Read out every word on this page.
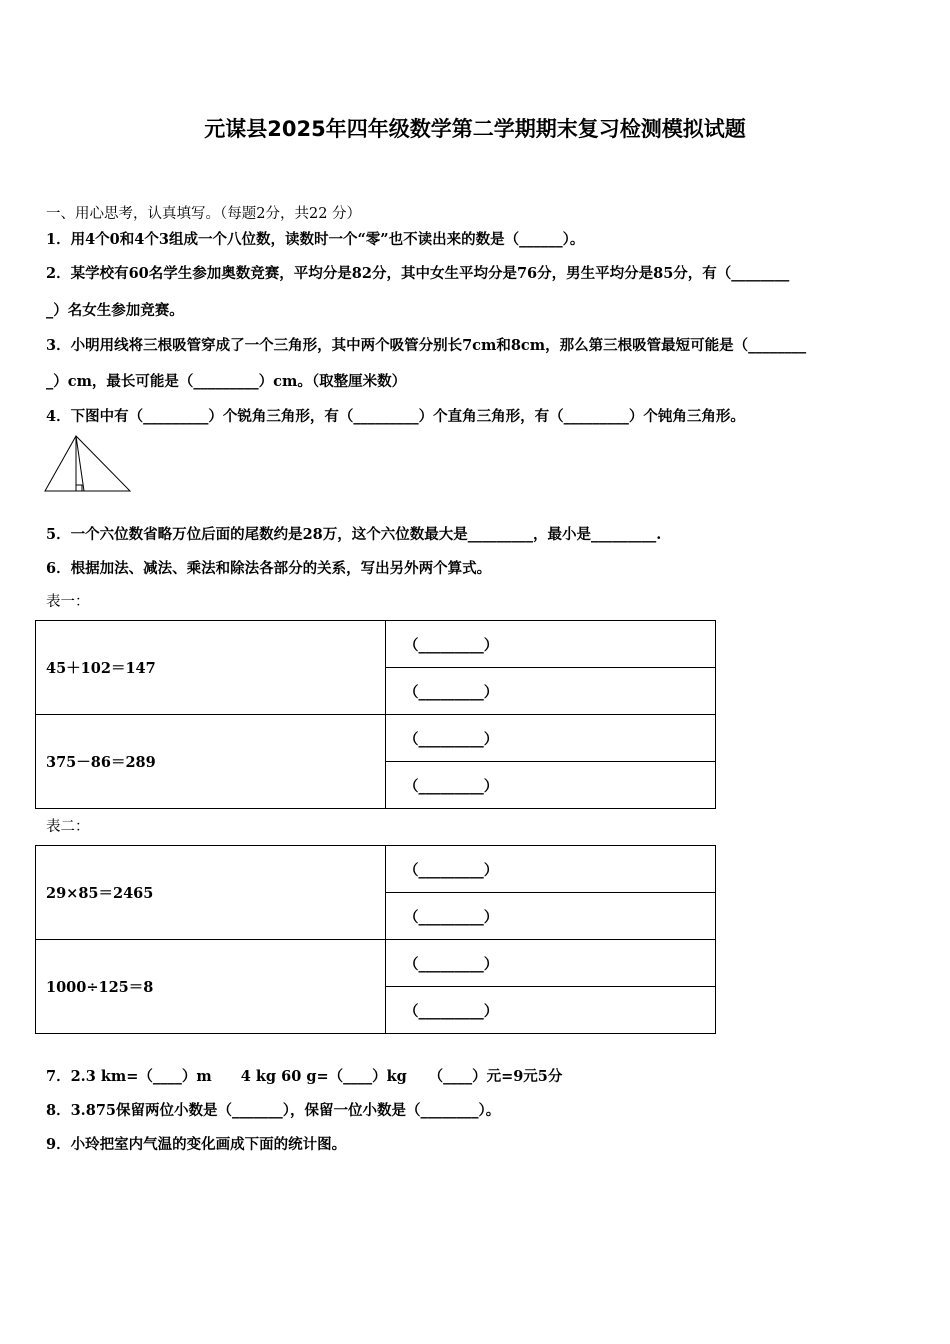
元谋县2025年四年级数学第二学期期末复习检测模拟试题
一、用心思考，认真填写。（每题2分，共22 分）
1．用4个0和4个3组成一个八位数，读数时一个“零”也不读出来的数是（______）。
2．某学校有60名学生参加奥数竞赛，平均分是82分，其中女生平均分是76分，男生平均分是85分，有（________
_）名女生参加竞赛。
3．小明用线将三根吸管穿成了一个三角形，其中两个吸管分别长7cm和8cm，那么第三根吸管最短可能是（________
_）cm，最长可能是（_________）cm。（取整厘米数）
4．下图中有（_________）个锐角三角形，有（_________）个直角三角形，有（_________）个钝角三角形。
5．一个六位数省略万位后面的尾数约是28万，这个六位数最大是_________，最小是_________.
6．根据加法、减法、乘法和除法各部分的关系，写出另外两个算式。
表一：
45＋102＝147	（_________）
	（_________）
375－86＝289	（_________）
	（_________）
表二：
29×85＝2465	（_________）
	（_________）
1000÷125＝8	（_________）
	（_________）
7．2.3 km=（____）m　　4 kg 60 g=（____）kg　　（____）元=9元5分
8．3.875保留两位小数是（_______），保留一位小数是（________）。
9．小玲把室内气温的变化画成下面的统计图。
